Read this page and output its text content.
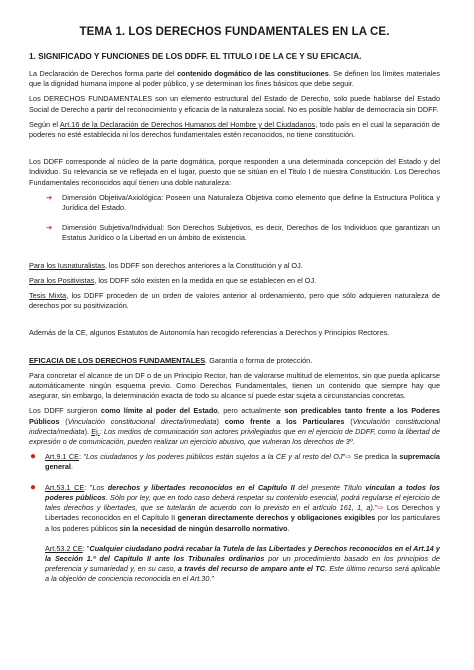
TEMA 1. LOS DERECHOS FUNDAMENTALES EN LA CE.
1. SIGNIFICADO Y FUNCIONES DE LOS DDFF. EL TITULO I DE LA CE Y SU EFICACIA.

La Declaración de Derechos forma parte del contenido dogmático de las constituciones. Se definen los límites materiales que la dignidad humana impone al poder público, y se determinan los fines básicos que debe seguir.

Los DERECHOS FUNDAMENTALES son un elemento estructural del Estado de Derecho, solo puede hablarse del Estado Social de Derecho a partir del reconocimiento y eficacia de la naturaleza social. No es posible hablar de democracia sin DDFF.

Según el Art.16 de la Declaración de Derechos Humanos del Hombre y del Ciudadanos, todo país en el cual la separación de poderes no esté establecida ni los derechos fundamentales estén reconocidos, no tiene constitución.

Los DDFF corresponde al núcleo de la parte dogmática, porque responden a una determinada concepción del Estado y del Individuo. Su relevancia se ve reflejada en el lugar, puesto que se sitúan en el Titulo I de nuestra Constitución. Los Derechos Fundamentales reconocidos aquí tienen una doble naturaleza:

➔ Dimensión Objetiva/Axiológica: Poseen una Naturaleza Objetiva como elemento que define la Estructura Política y Jurídica del Estado.

➔ Dimensión Subjetiva/Individual: Son Derechos Subjetivos, es decir, Derechos de los Individuos que garantizan un Estatus Jurídico o la Libertad en un ámbito de existencia.

Para los Iusnaturalistas, los DDFF son derechos anteriores a la Constitución y al OJ.

Para los Positivistas, los DDFF sólo existen en la medida en que se establecen en el OJ.

Tesis Mixta, los DDFF proceden de un orden de valores anterior al ordenamiento, pero que sólo adquieren naturaleza de derechos por su positivización.

Además de la CE, algunos Estatutos de Autonomía han recogido referencias a Derechos y Principios Rectores.

EFICACIA DE LOS DERECHOS FUNDAMENTALES. Garantía o forma de protección.

Para concretar el alcance de un DF o de un Principio Rector, han de valorarse multitud de elementos, sin que pueda aplicarse automáticamente ningún esquema previo. Como Derechos Fundamentales, tienen un contenido que siempre hay que asegurar, sin embargo, la determinación exacta de todo su alcance sí puede estar sujeta a circunstancias concretas.

Los DDFF surgieron como límite al poder del Estado, pero actualmente son predicables tanto frente a los Poderes Públicos (Vinculación constitucional directa/inmediata) como frente a los Particulares (Vinculación constitucional indirecta/mediata). Ej.: Los medios de comunicación son actores privilegiados que en el ejercicio de DDFF, como la libertad de expresión o de comunicación, pueden realizar un ejercicio abusivo, que vulneran los derechos de 3º.

● Art.9.1 CE: "Los ciudadanos y los poderes públicos están sujetos a la CE y al resto del OJ"⇨ Se predica la supremacía general.

● Art.53.1 CE: "Los derechos y libertades reconocidos en el Capítulo II del presente Título vinculan a todos los poderes públicos. Sólo por ley, que en todo caso deberá respetar su contenido esencial, podrá regularse el ejercicio de tales derechos y libertades, que se tutelarán de acuerdo con lo previsto en el artículo 161, 1, a)."⇨ Los Derechos y Libertades reconocidos en el Capítulo II generan directamente derechos y obligaciones exigibles por los particulares a los poderes públicos sin la necesidad de ningún desarrollo normativo.

Art.53.2 CE: "Cualquier ciudadano podrá recabar la Tutela de las Libertades y Derechos reconocidos en el Art.14 y la Sección 1.ª del Capítulo II ante los Tribunales ordinarios por un procedimiento basado en los principios de preferencia y sumariedad y, en su caso, a través del recurso de amparo ante el TC. Este último recurso será aplicable a la objeción de conciencia reconocida en el Art.30."
